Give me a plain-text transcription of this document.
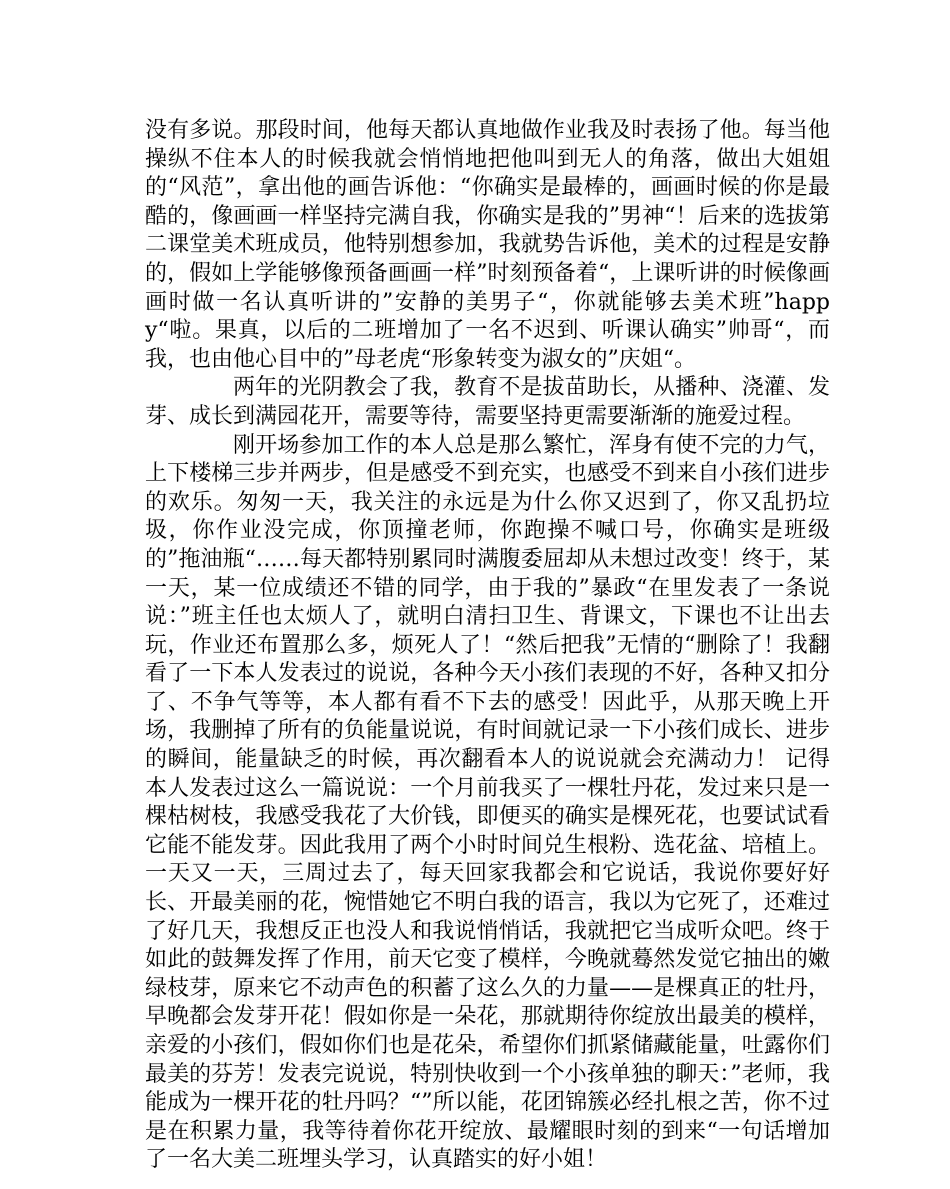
没有多说。那段时间，他每天都认真地做作业我及时表扬了他。每当他操纵不住本人的时候我就会悄悄地把他叫到无人的角落，做出大姐姐的“风范”，拿出他的画告诉他：“你确实是最棒的，画画时候的你是最酷的，像画画一样坚持完满自我，你确实是我的”男神“！后来的选拔第二课堂美术班成员，他特别想参加，我就势告诉他，美术的过程是安静的，假如上学能够像预备画画一样”时刻预备着“，上课听讲的时候像画画时做一名认真听讲的”安静的美男子“，你就能够去美术班”happy“啦。果真，以后的二班增加了一名不迟到、听课认确实”帅哥“，而我，也由他心目中的”母老虎“形象转变为淑女的”庆姐“。

两年的光阴教会了我，教育不是拔苗助长，从播种、浇灌、发芽、成长到满园花开，需要等待，需要坚持更需要渐渐的施爱过程。

刚开场参加工作的本人总是那么繁忙，浑身有使不完的力气，上下楼梯三步并两步，但是感受不到充实，也感受不到来自小孩们进步的欢乐。匆匆一天，我关注的永远是为什么你又迟到了，你又乱扔垃圾，你作业没完成，你顶撞老师，你跑操不喊口号，你确实是班级的”拖油瓶“……每天都特别累同时满腹委屈却从未想过改变！终于，某一天，某一位成绩还不错的同学，由于我的”暴政“在里发表了一条说说：”班主任也太烦人了，就明白清扫卫生、背课文，下课也不让出去玩，作业还布置那么多，烦死人了！“然后把我”无情的“删除了！我翻看了一下本人发表过的说说，各种今天小孩们表现的不好，各种又扣分了、不争气等等，本人都有看不下去的感受！因此乎，从那天晚上开场，我删掉了所有的负能量说说，有时间就记录一下小孩们成长、进步的瞬间，能量缺乏的时候，再次翻看本人的说说就会充满动力！ 记得本人发表过这么一篇说说：一个月前我买了一棵牡丹花，发过来只是一棵枯树枝，我感受我花了大价钱，即便买的确实是棵死花，也要试试看它能不能发芽。因此我用了两个小时时间兑生根粉、选花盆、培植上。一天又一天，三周过去了，每天回家我都会和它说话，我说你要好好长、开最美丽的花，惋惜她它不明白我的语言，我以为它死了，还难过了好几天，我想反正也没人和我说悄悄话，我就把它当成听众吧。终于如此的鼓舞发挥了作用，前天它变了模样，今晚就蓦然发觉它抽出的嫩绿枝芽，原来它不动声色的积蓄了这么久的力量——是棵真正的牡丹，早晚都会发芽开花！假如你是一朵花，那就期待你绽放出最美的模样，亲爱的小孩们，假如你们也是花朵，希望你们抓紧储藏能量，吐露你们最美的芬芳！发表完说说，特别快收到一个小孩单独的聊天：”老师，我能成为一棵开花的牡丹吗？“”所以能，花团锦簇必经扎根之苦，你不过是在积累力量，我等待着你花开绽放、最耀眼时刻的到来“一句话增加了一名大美二班埋头学习，认真踏实的好小姐！
